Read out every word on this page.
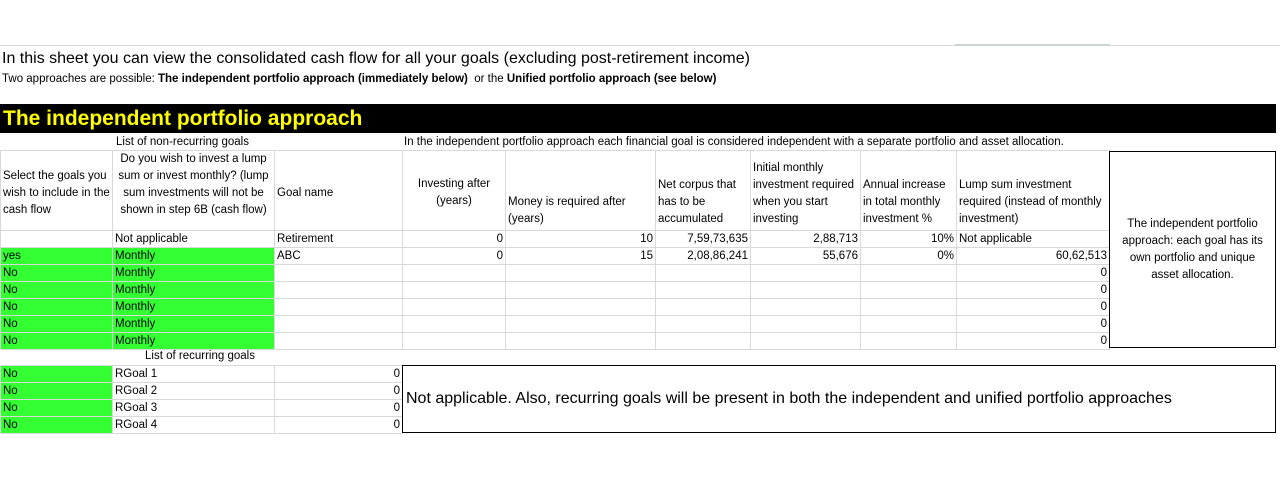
In this sheet you can view the consolidated cash flow for all your goals (excluding post-retirement income)
Two approaches are possible: The independent portfolio approach (immediately below)  or the Unified portfolio approach (see below)
The independent portfolio approach
List of non-recurring goals	In the independent portfolio approach each financial goal is considered independent with a separate portfolio and asset allocation.
Select the goals you wish to include in the cash flow	Do you wish to invest a lump sum or invest monthly? (lump sum investments will not be shown in step 6B (cash flow)	Goal name	Investing after (years)	Money is required after (years)	Net corpus that has to be accumulated	Initial monthly investment required when you start investing	Annual increase in total monthly investment %	Lump sum investment required (instead of monthly investment)
	Not applicable	Retirement	0	10	7,59,73,635	2,88,713	10%	Not applicable
yes	Monthly	ABC	0	15	2,08,86,241	55,676	0%	60,62,513
No	Monthly							0
No	Monthly							0
No	Monthly							0
No	Monthly							0
No	Monthly							0
The independent portfolio approach: each goal has its own portfolio and unique asset allocation.
List of recurring goals
No	RGoal 1	0
No	RGoal 2	0
No	RGoal 3	0
No	RGoal 4	0
Not applicable. Also, recurring goals will be present in both the independent and unified portfolio approaches
